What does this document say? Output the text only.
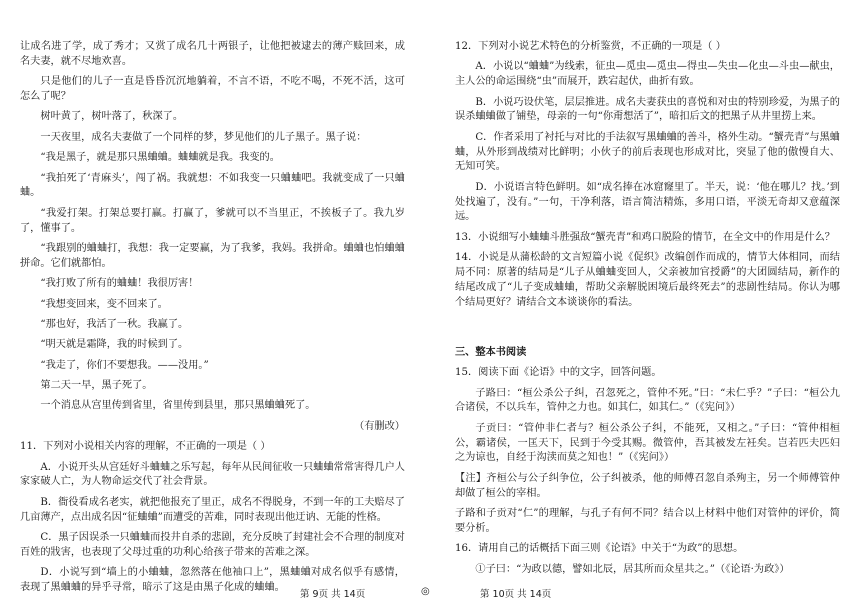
让成名进了学，成了秀才；又赏了成名几十两银子，让他把被逮去的薄产赎回来，成名夫妻，就不尽地欢喜。

只是他们的儿子一直是昏昏沉沉地躺着，不言不语，不吃不喝，不死不活，这可怎么了呢？

树叶黄了，树叶落了，秋深了。

一天夜里，成名夫妻做了一个同样的梦，梦见他们的儿子黑子。黑子说：

“我是黑子，就是那只黑蛐蛐。蛐蛐就是我。我变的。

“我拍死了‘青麻头’，闯了祸。我就想：不如我变一只蛐蛐吧。我就变成了一只蛐蛐。

“我爱打架。打架总要打赢。打赢了，爹就可以不当里正，不挨板子了。我九岁了，懂事了。

“我跟别的蛐蛐打，我想：我一定要赢，为了我爹，我妈。我拼命。蛐蛐也怕蛐蛐拼命。它们就都怕。

“我打败了所有的蛐蛐！我很厉害！

“我想变回来，变不回来了。

“那也好，我活了一秋。我赢了。

“明天就是霜降，我的时候到了。

“我走了，你们不要想我。——没用。”

第二天一早，黑子死了。

一个消息从宫里传到省里，省里传到县里，那只黑蛐蛐死了。

（有删改）

11．下列对小说相关内容的理解，不正确的一项是（ ）

A．小说开头从宫廷好斗蛐蛐之乐写起，每年从民间征收一只蛐蛐常常害得几户人家家破人亡，为人物命运交代了社会背景。

B．衙役看成名老实，就把他报充了里正，成名不得脱身，不到一年的工夫赔尽了几亩薄产，点出成名因“征蛐蛐”而遭受的苦难，同时表现出他迂讷、无能的性格。

C．黑子因误杀一只蛐蛐而投井自杀的悲剧，充分反映了封建社会不合理的制度对百姓的戕害，也表现了父母过重的功利心给孩子带来的苦难之深。

D．小说写到“墙上的小蛐蛐，忽然落在他袖口上”，黑蛐蛐对成名似乎有感情，表现了黑蛐蛐的异乎寻常，暗示了这是由黑子化成的蛐蛐。

12．下列对小说艺术特色的分析鉴赏，不正确的一项是（ ）

A．小说以“蛐蛐”为线索，征虫—觅虫—觅虫—得虫—失虫—化虫—斗虫—献虫，主人公的命运围绕“虫”而展开，跌宕起伏，曲折有致。

B．小说巧设伏笔，层层推进。成名夫妻获虫的喜悦和对虫的特别珍爱，为黑子的误杀蛐蛐做了铺垫，母亲的一句“你甭想活了”，暗扣后文的把黑子从井里捞上来。

C．作者采用了衬托与对比的手法叙写黑蛐蛐的善斗，格外生动。“蟹壳青”与黑蛐蛐，从外形到战绩对比鲜明；小伙子的前后表现也形成对比，突显了他的傲慢自大、无知可笑。

D．小说语言特色鲜明。如“成名捧在冰窟窿里了。半天，说：‘他在哪儿？找。’到处找遍了，没有。”一句，干净利落，语言简洁精炼，多用口语，平淡无奇却又意蕴深远。

13．小说细写小蛐蛐斗胜强敌“蟹壳青”和鸡口脱险的情节，在全文中的作用是什么？

14．小说是从蒲松龄的文言短篇小说《促织》改编创作而成的，情节大体相同，而结局不同：原著的结局是“儿子从蛐蛐变回人，父亲被加官授爵”的大团圆结局，新作的结尾改成了“儿子变成蛐蛐，帮助父亲解脱困境后最终死去”的悲剧性结局。你认为哪个结局更好？请结合文本谈谈你的看法。

三、整本书阅读

15．阅读下面《论语》中的文字，回答问题。

子路曰：“桓公杀公子纠，召忽死之，管仲不死。”曰：“未仁乎？”子曰：“桓公九合诸侯，不以兵车，管仲之力也。如其仁，如其仁。”（《宪问》）

子贡曰：“管仲非仁者与？桓公杀公子纠，不能死，又相之。”子曰：“管仲相桓公，霸诸侯，一匡天下，民到于今受其赐。微管仲，吾其被发左衽矣。岂若匹夫匹妇之为谅也，自经于沟渎而莫之知也！”（《宪问》）

【注】齐桓公与公子纠争位，公子纠被杀，他的师傅召忽自杀殉主，另一个师傅管仲却做了桓公的宰相。

子路和子贡对“仁”的理解，与孔子有何不同？结合以上材料中他们对管仲的评价，简要分析。

16．请用自己的话概括下面三则《论语》中关于“为政”的思想。

①子曰：“为政以德，譬如北辰，居其所而众星共之。”（《论语·为政》）

第 9页 共 14页	◎	第 10页 共 14页
